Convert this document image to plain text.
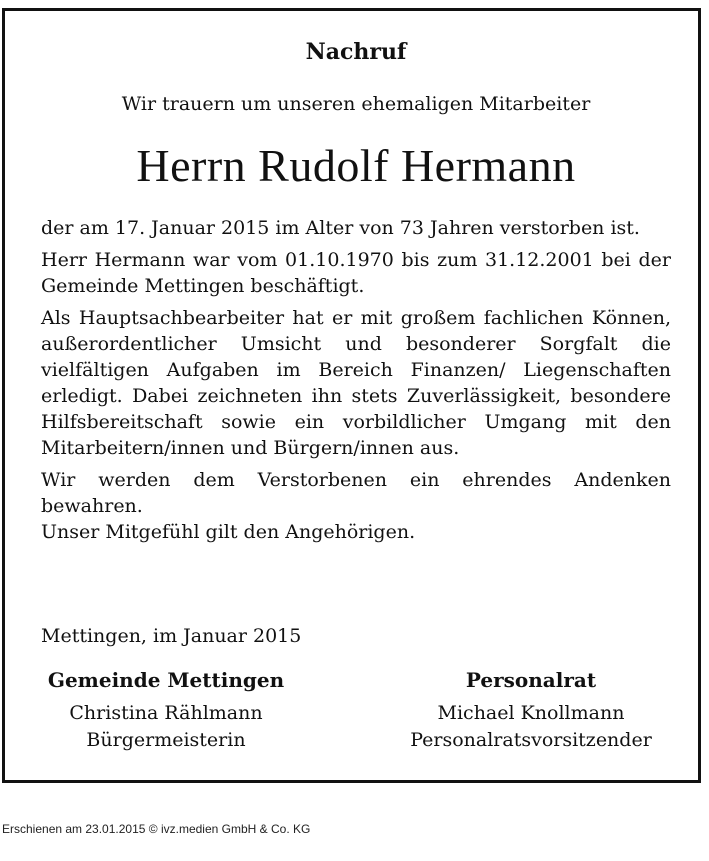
Nachruf
Wir trauern um unseren ehemaligen Mitarbeiter
Herrn Rudolf Hermann

der am 17. Januar 2015 im Alter von 73 Jahren verstorben ist.

Herr Hermann war vom 01.10.1970 bis zum 31.12.2001 bei der Gemeinde Mettingen beschäftigt.

Als Hauptsachbearbeiter hat er mit großem fachlichen Können, außerordentlicher Umsicht und besonderer Sorgfalt die vielfältigen Aufgaben im Bereich Finanzen/ Liegenschaften erledigt. Dabei zeichneten ihn stets Zuverlässigkeit, besondere Hilfsbereitschaft sowie ein vorbildlicher Umgang mit den Mitarbeitern/innen und Bürgern/innen aus.

Wir werden dem Verstorbenen ein ehrendes Andenken bewahren.

Unser Mitgefühl gilt den Angehörigen.

Mettingen, im Januar 2015
Gemeinde Mettingen
Christina Rählmann
Bürgermeisterin
Personalrat
Michael Knollmann
Personalratsvorsitzender
Erschienen am 23.01.2015 © ivz.medien GmbH & Co. KG
